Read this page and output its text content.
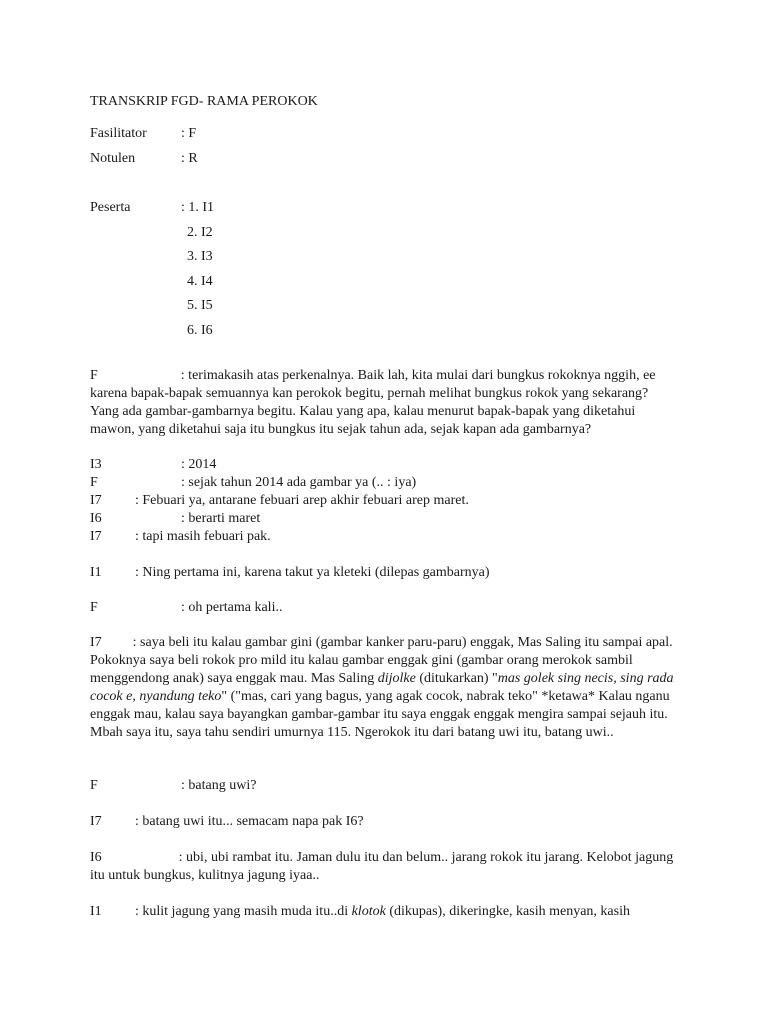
TRANSKRIP FGD- RAMA PEROKOK
Fasilitator : F
Notulen	: R
Peserta	: 1. I1
2. I2
3. I3
4. I4
5. I5
6. I6
F	: terimakasih atas perkenalnya. Baik lah, kita mulai dari bungkus rokoknya nggih, ee karena bapak-bapak semuannya kan perokok begitu, pernah melihat bungkus rokok yang sekarang? Yang ada gambar-gambarnya begitu. Kalau yang apa, kalau menurut bapak-bapak yang diketahui mawon, yang diketahui saja itu bungkus itu sejak tahun ada, sejak kapan ada gambarnya?
I3	: 2014
F	: sejak tahun 2014 ada gambar ya (.. : iya)
I7 : Febuari ya, antarane febuari arep akhir febuari arep maret.
I6	: berarti maret
I7 : tapi masih febuari pak.
I1 : Ning pertama ini, karena takut ya kleteki (dilepas gambarnya)
F	: oh pertama kali..
I7 : saya beli itu kalau gambar gini (gambar kanker paru-paru) enggak, Mas Saling itu sampai apal. Pokoknya saya beli rokok pro mild itu kalau gambar enggak gini (gambar orang merokok sambil menggendong anak) saya enggak mau. Mas Saling dijolke (ditukarkan) "mas golek sing necis, sing rada cocok e, nyandung teko" ("mas, cari yang bagus, yang agak cocok, nabrak teko" *ketawa* Kalau nganu enggak mau, kalau saya bayangkan gambar-gambar itu saya enggak enggak mengira sampai sejauh itu. Mbah saya itu, saya tahu sendiri umurnya 115. Ngerokok itu dari batang uwi itu, batang uwi..
F	: batang uwi?
I7 : batang uwi itu... semacam napa pak I6?
I6	: ubi, ubi rambat itu. Jaman dulu itu dan belum.. jarang rokok itu jarang. Kelobot jagung itu untuk bungkus, kulitnya jagung iyaa..
I1 : kulit jagung yang masih muda itu..di klotok (dikupas), dikeringke, kasih menyan, kasih
